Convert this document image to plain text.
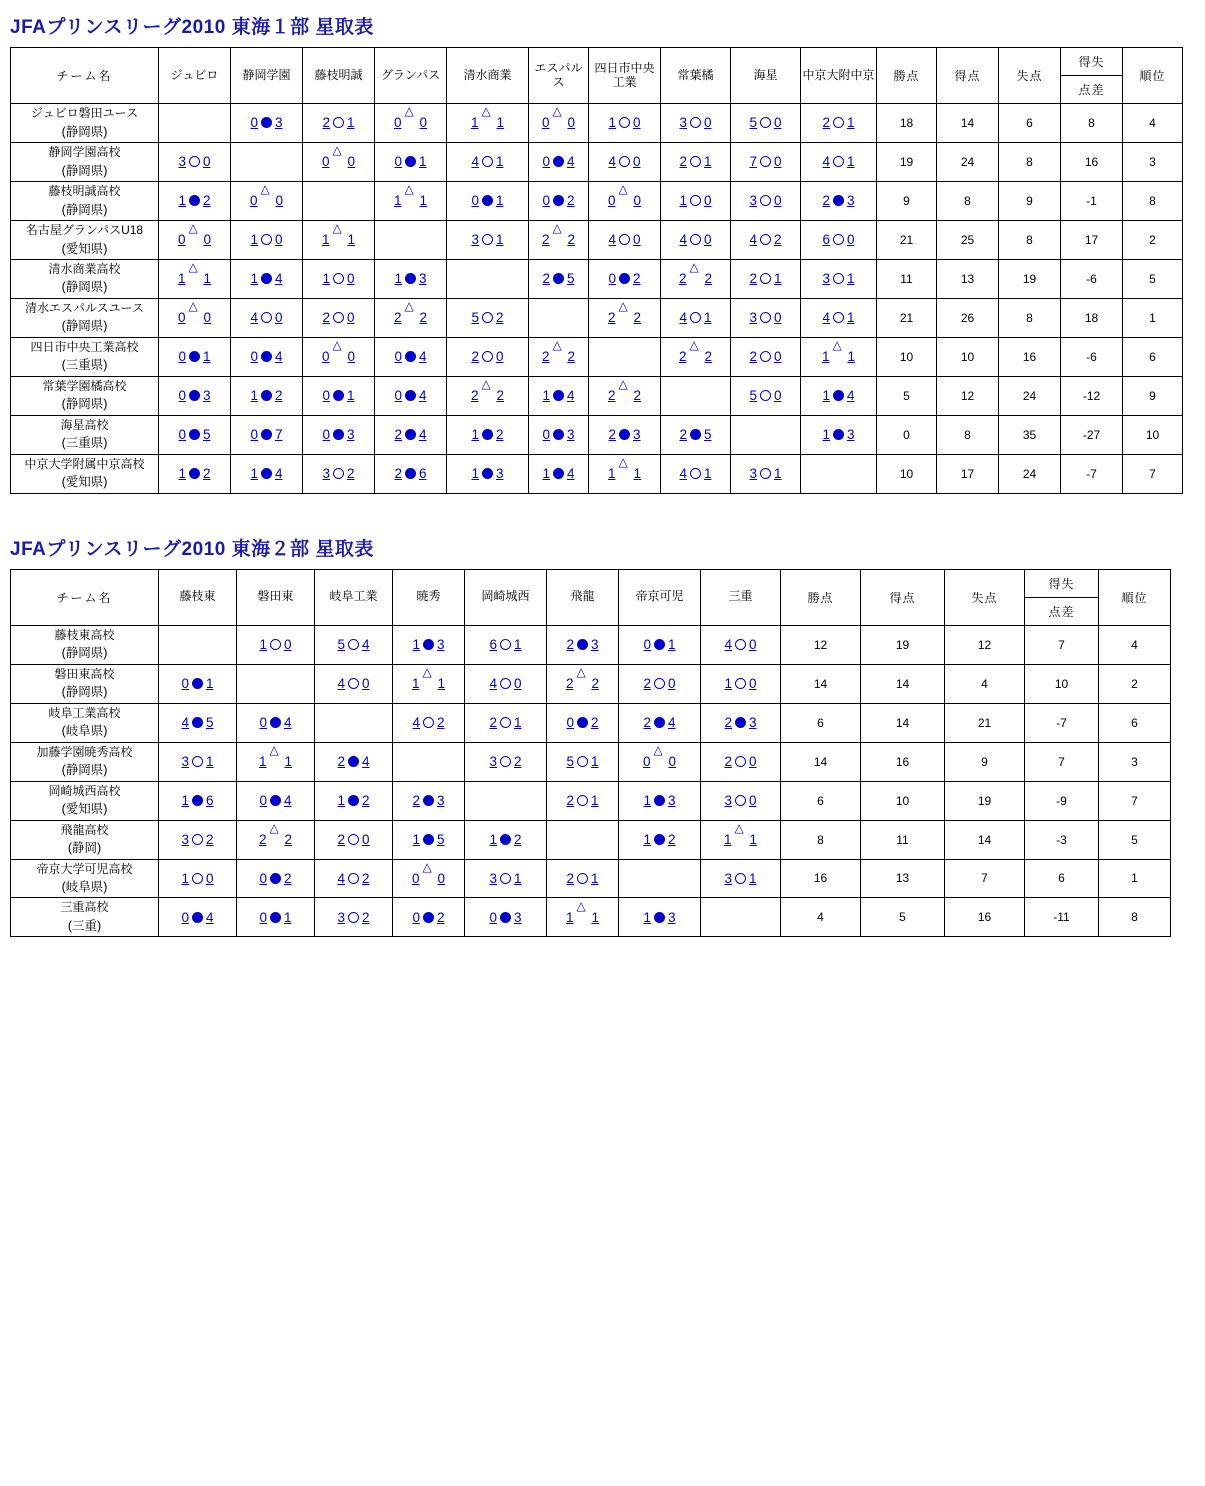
JFAプリンスリーグ2010 東海１部 星取表
チーム名	ジュビロ	静岡学園	藤枝明誠	グランパス	清水商業	エスパルス	四日市中央工業	常葉橘	海星	中京大附中京	勝点	得点	失点	得失	順位
														点差	

ジュビロ磐田ユース
(静岡県)		0 3	2 1	0 △ 0	1 △ 1	0 △ 0	1 0	3 0	5 0	2 1	18	14	6	8	4

静岡学園高校
(静岡県)	3 0		0 △ 0	0 1	4 1	0 4	4 0	2 1	7 0	4 1	19	24	8	16	3

藤枝明誠高校
(静岡県)	1 2	0 △ 0		1 △ 1	0 1	0 2	0 △ 0	1 0	3 0	2 3	9	8	9	-1	8

名古屋グランパスU18
(愛知県)	0 △ 0	1 0	1 △ 1		3 1	2 △ 2	4 0	4 0	4 2	6 0	21	25	8	17	2

清水商業高校
(静岡県)	1 △ 1	1 4	1 0	1 3		2 5	0 2	2 △ 2	2 1	3 1	11	13	19	-6	5

清水エスパルスユース
(静岡県)	0 △ 0	4 0	2 0	2 △ 2	5 2		2 △ 2	4 1	3 0	4 1	21	26	8	18	1

四日市中央工業高校
(三重県)	0 1	0 4	0 △ 0	0 4	2 0	2 △ 2		2 △ 2	2 0	1 △ 1	10	10	16	-6	6

常葉学園橘高校
(静岡県)	0 3	1 2	0 1	0 4	2 △ 2	1 4	2 △ 2		5 0	1 4	5	12	24	-12	9

海星高校
(三重県)	0 5	0 7	0 3	2 4	1 2	0 3	2 3	2 5		1 3	0	8	35	-27	10

中京大学附属中京高校
(愛知県)	1 2	1 4	3 2	2 6	1 3	1 4	1 △ 1	4 1	3 1		10	17	24	-7	7
JFAプリンスリーグ2010 東海２部 星取表
チーム名	藤枝東	磐田東	岐阜工業	暁秀	岡崎城西	飛龍	帝京可児	三重	勝点	得点	失点	得失	順位
												点差	

藤枝東高校
(静岡県)		1 0	5 4	1 3	6 1	2 3	0 1	4 0	12	19	12	7	4

磐田東高校
(静岡県)	0 1		4 0	1 △ 1	4 0	2 △ 2	2 0	1 0	14	14	4	10	2

岐阜工業高校
(岐阜県)	4 5	0 4		4 2	2 1	0 2	2 4	2 3	6	14	21	-7	6

加藤学園暁秀高校
(静岡県)	3 1	1 △ 1	2 4		3 2	5 1	0 △ 0	2 0	14	16	9	7	3

岡崎城西高校
(愛知県)	1 6	0 4	1 2	2 3		2 1	1 3	3 0	6	10	19	-9	7

飛龍高校
(静岡)	3 2	2 △ 2	2 0	1 5	1 2		1 2	1 △ 1	8	11	14	-3	5

帝京大学可児高校
(岐阜県)	1 0	0 2	4 2	0 △ 0	3 1	2 1		3 1	16	13	7	6	1

三重高校
(三重)	0 4	0 1	3 2	0 2	0 3	1 △ 1	1 3		4	5	16	-11	8
